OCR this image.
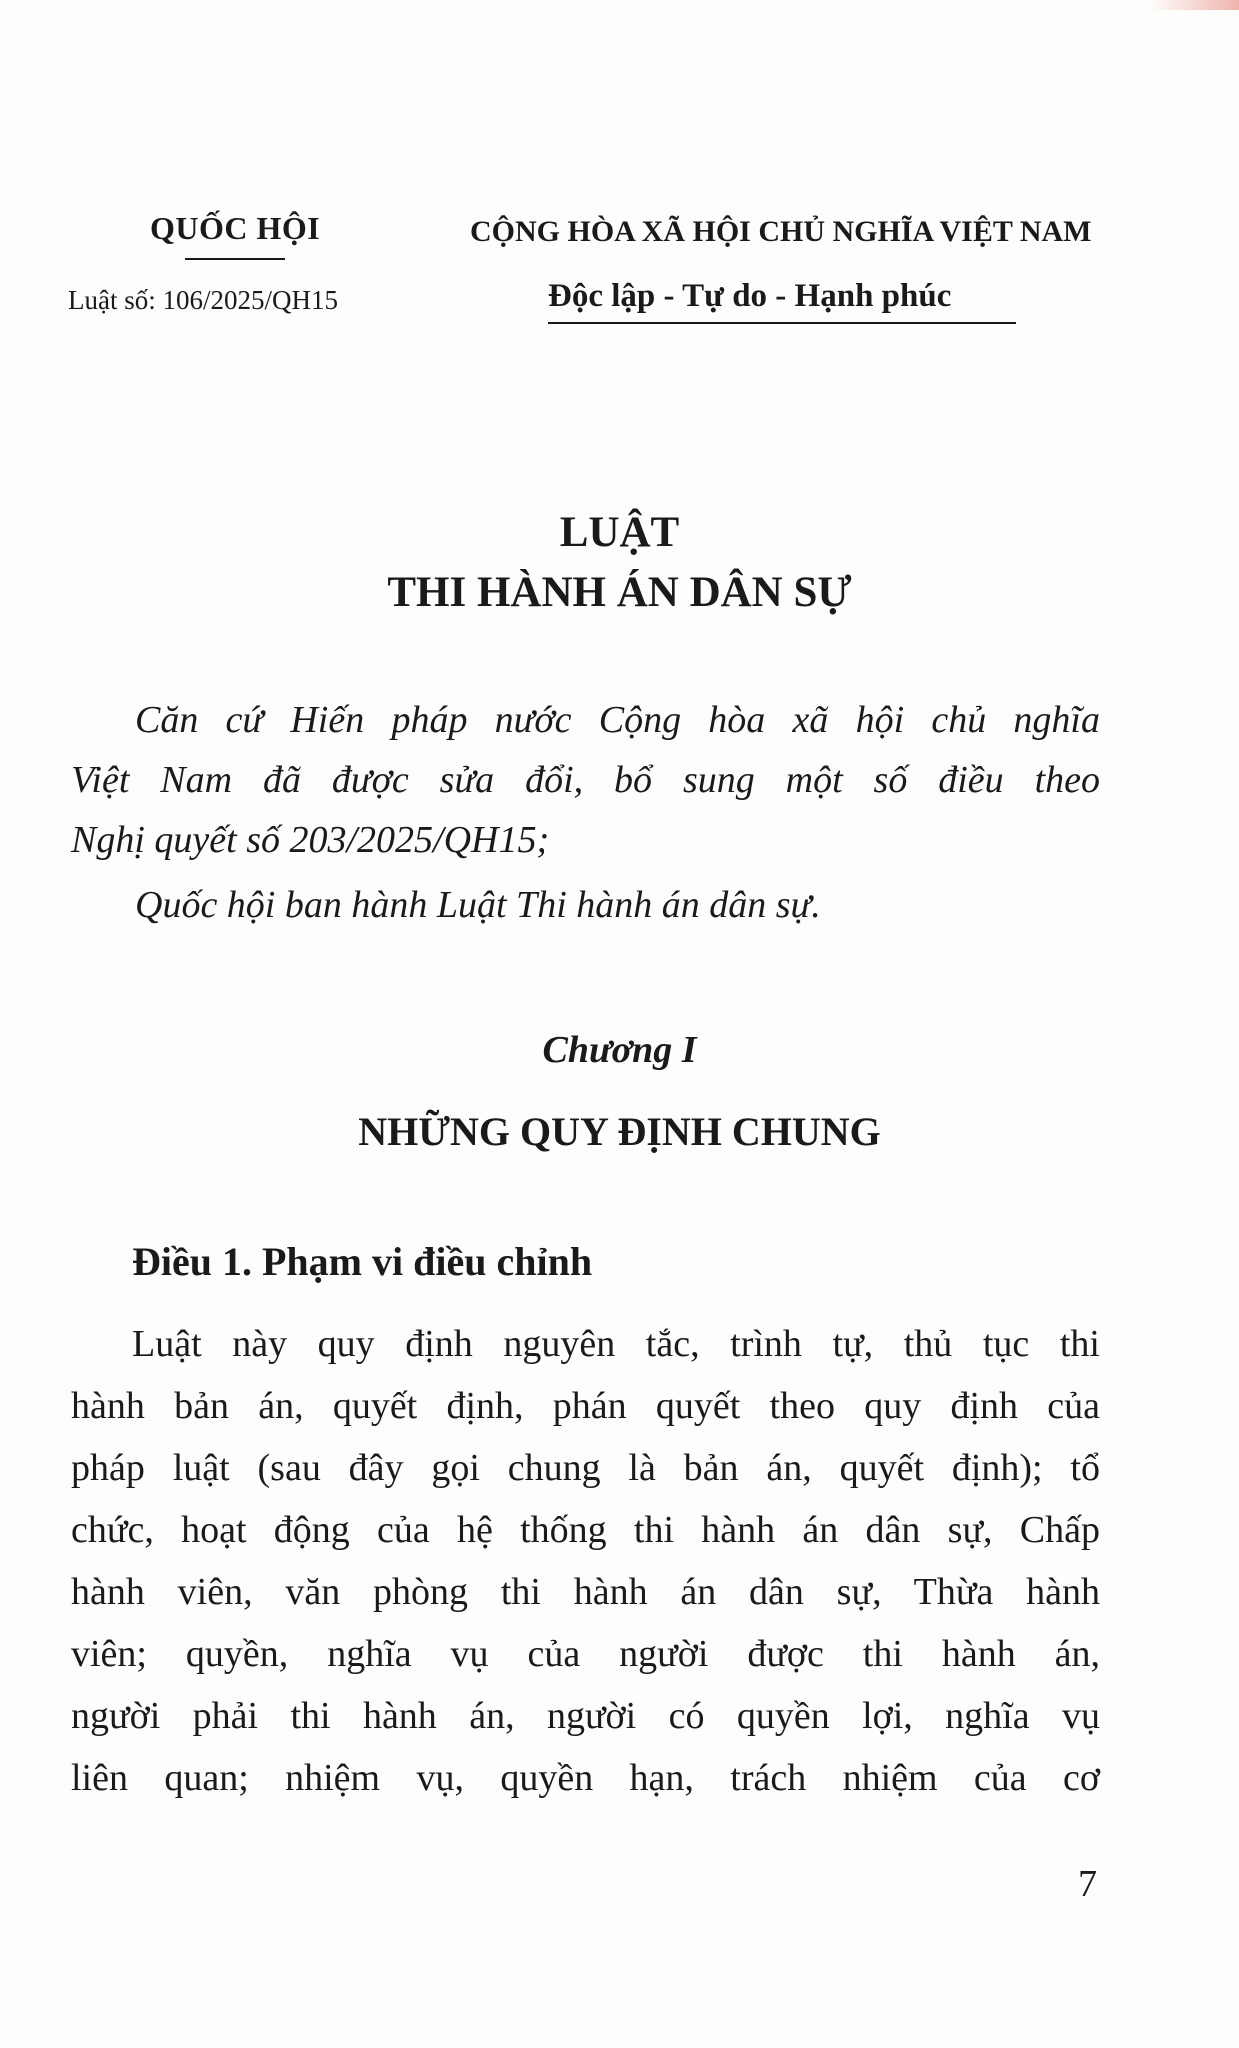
QUỐC HỘI
Luật số: 106/2025/QH15
CỘNG HÒA XÃ HỘI CHỦ NGHĨA VIỆT NAM
Độc lập - Tự do - Hạnh phúc
LUẬT
THI HÀNH ÁN DÂN SỰ
Căn cứ Hiến pháp nước Cộng hòa xã hội chủ nghĩa
Việt Nam đã được sửa đổi, bổ sung một số điều theo
Nghị quyết số 203/2025/QH15;
Quốc hội ban hành Luật Thi hành án dân sự.
Chương I
NHỮNG QUY ĐỊNH CHUNG
Điều 1. Phạm vi điều chỉnh
Luật này quy định nguyên tắc, trình tự, thủ tục thi
hành bản án, quyết định, phán quyết theo quy định của
pháp luật (sau đây gọi chung là bản án, quyết định); tổ
chức, hoạt động của hệ thống thi hành án dân sự, Chấp
hành viên, văn phòng thi hành án dân sự, Thừa hành
viên; quyền, nghĩa vụ của người được thi hành án,
người phải thi hành án, người có quyền lợi, nghĩa vụ
liên quan; nhiệm vụ, quyền hạn, trách nhiệm của cơ
7
